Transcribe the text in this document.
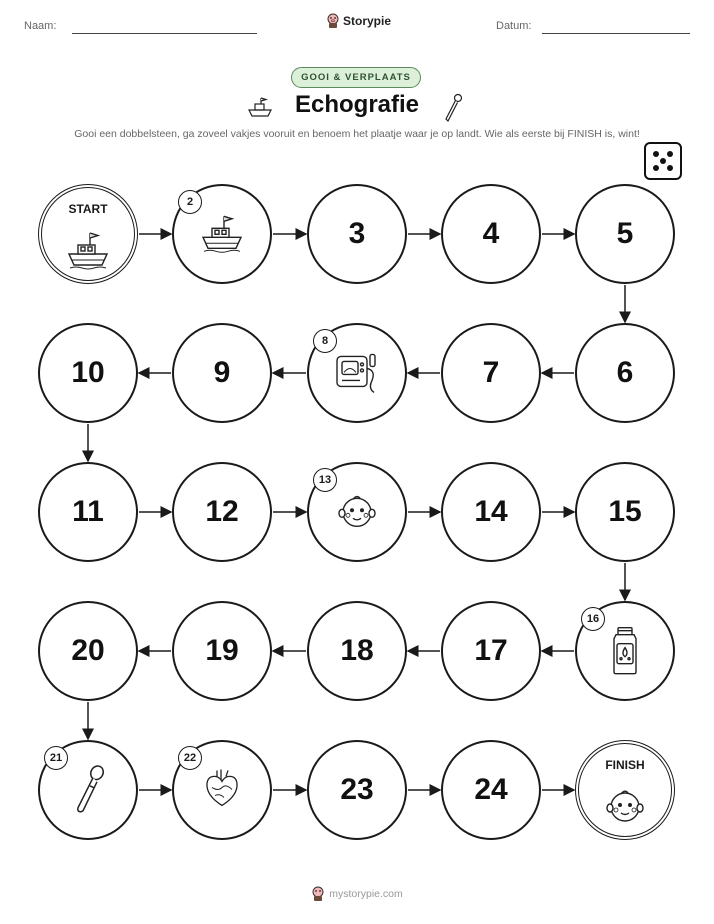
Naam:	Storypie	Datum:
GOOI & VERPLAATS
Echografie
Gooi een dobbelsteen, ga zoveel vakjes vooruit en benoem het plaatje waar je op landt. Wie als eerste bij FINISH is, wint!
START	2
3	4	5
6
7
8
9
10
11	12
13
14	15
16
17
18
19
20
21	22
23	24
FINISH
mystorypie.com
